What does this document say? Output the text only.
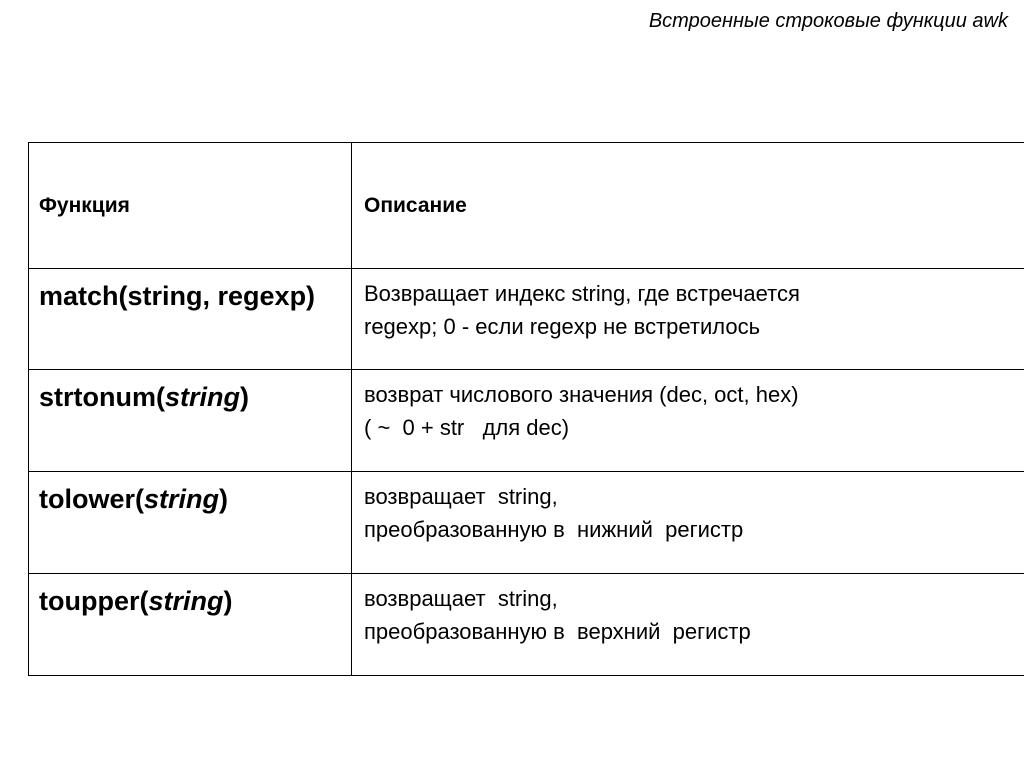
Встроенные строковые функции awk
Функция	Описание

match(string, regexp)	Возвращает индекс string, где встречается
regexp; 0 - если regexp не встретилось

strtonum(string)	возврат числового значения (dec, oct, hex)
( ~  0 + str   для dec)

tolower(string)	возвращает  string,
преобразованную в  нижний  регистр

toupper(string)	возвращает  string,
преобразованную в  верхний  регистр
